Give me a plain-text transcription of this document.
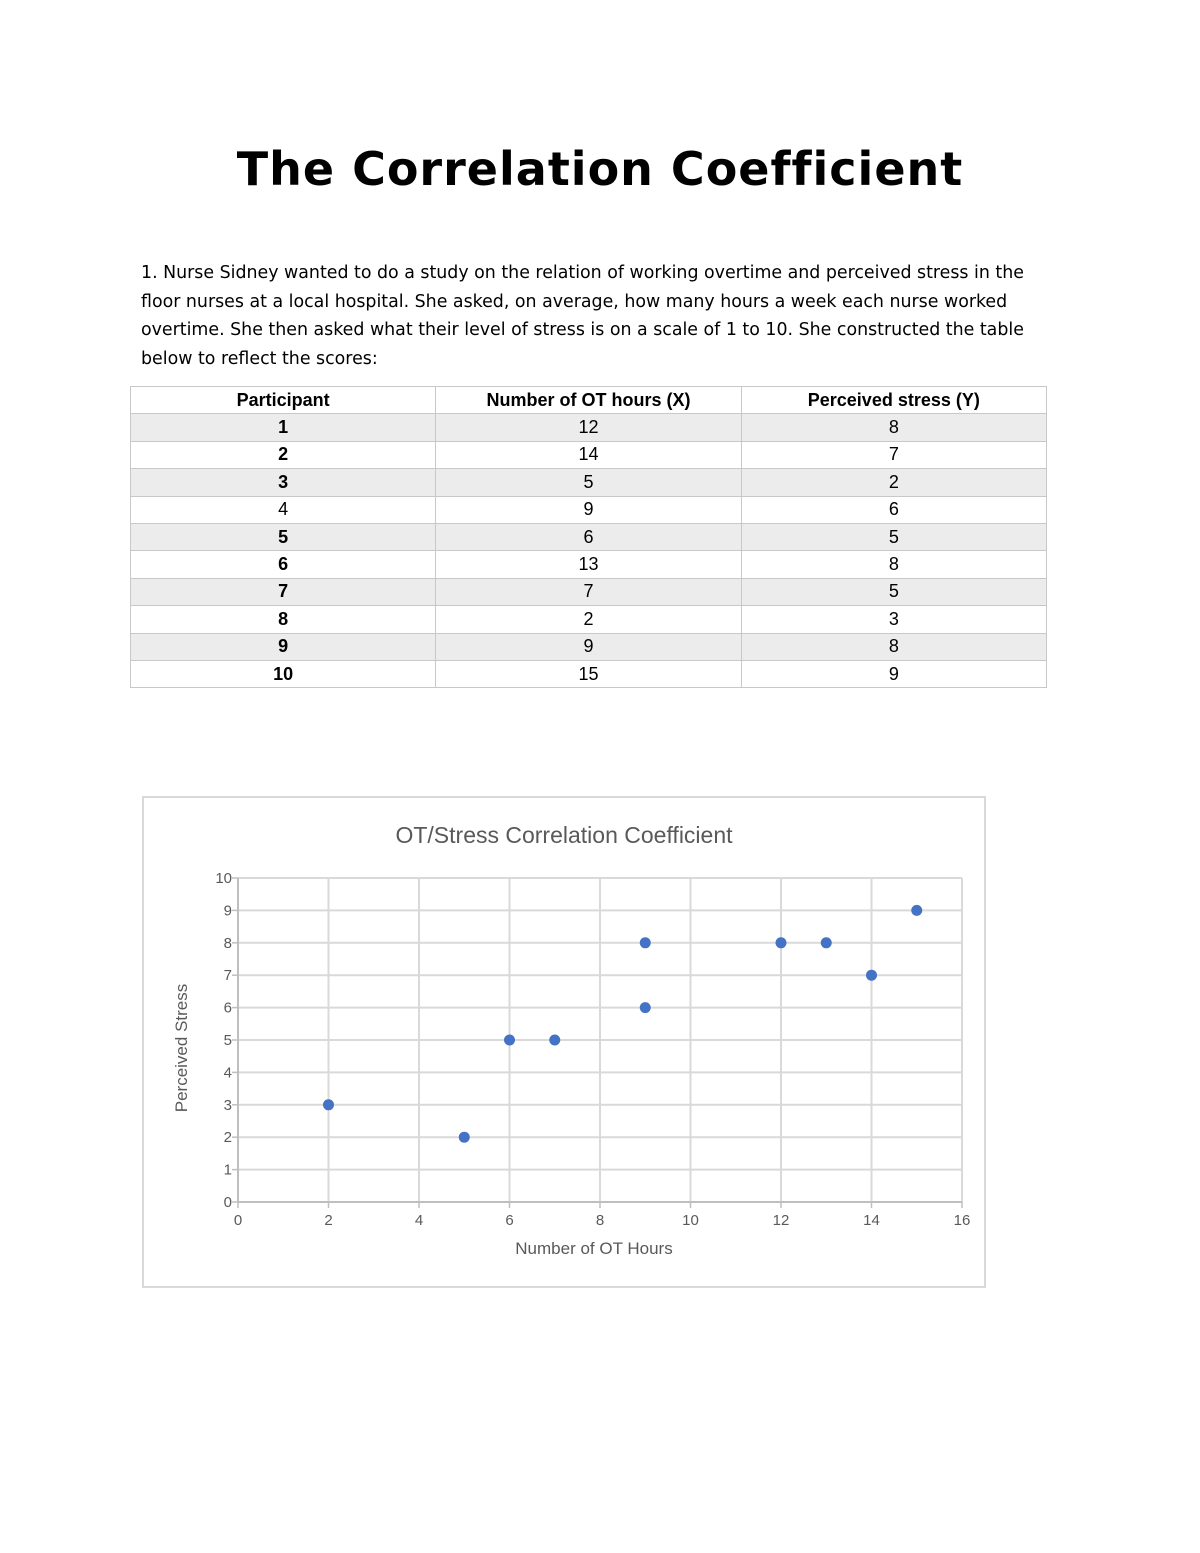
The Correlation Coefficient

1. Nurse Sidney wanted to do a study on the relation of working overtime and perceived stress in the floor nurses at a local hospital. She asked, on average, how many hours a week each nurse worked overtime. She then asked what their level of stress is on a scale of 1 to 10. She constructed the table below to reflect the scores:

Participant	Number of OT hours (X)	Perceived stress (Y)
1	12	8
2	14	7
3	5	2
4	9	6
5	6	5
6	13	8
7	7	5
8	2	3
9	9	8
10	15	9
OT/Stress Correlation Coefficient
0	2	4	6	8	10	12	14	16
0
1
2
3
4
5
6
7
8
9
10
Number of OT Hours
Perceived Stress
